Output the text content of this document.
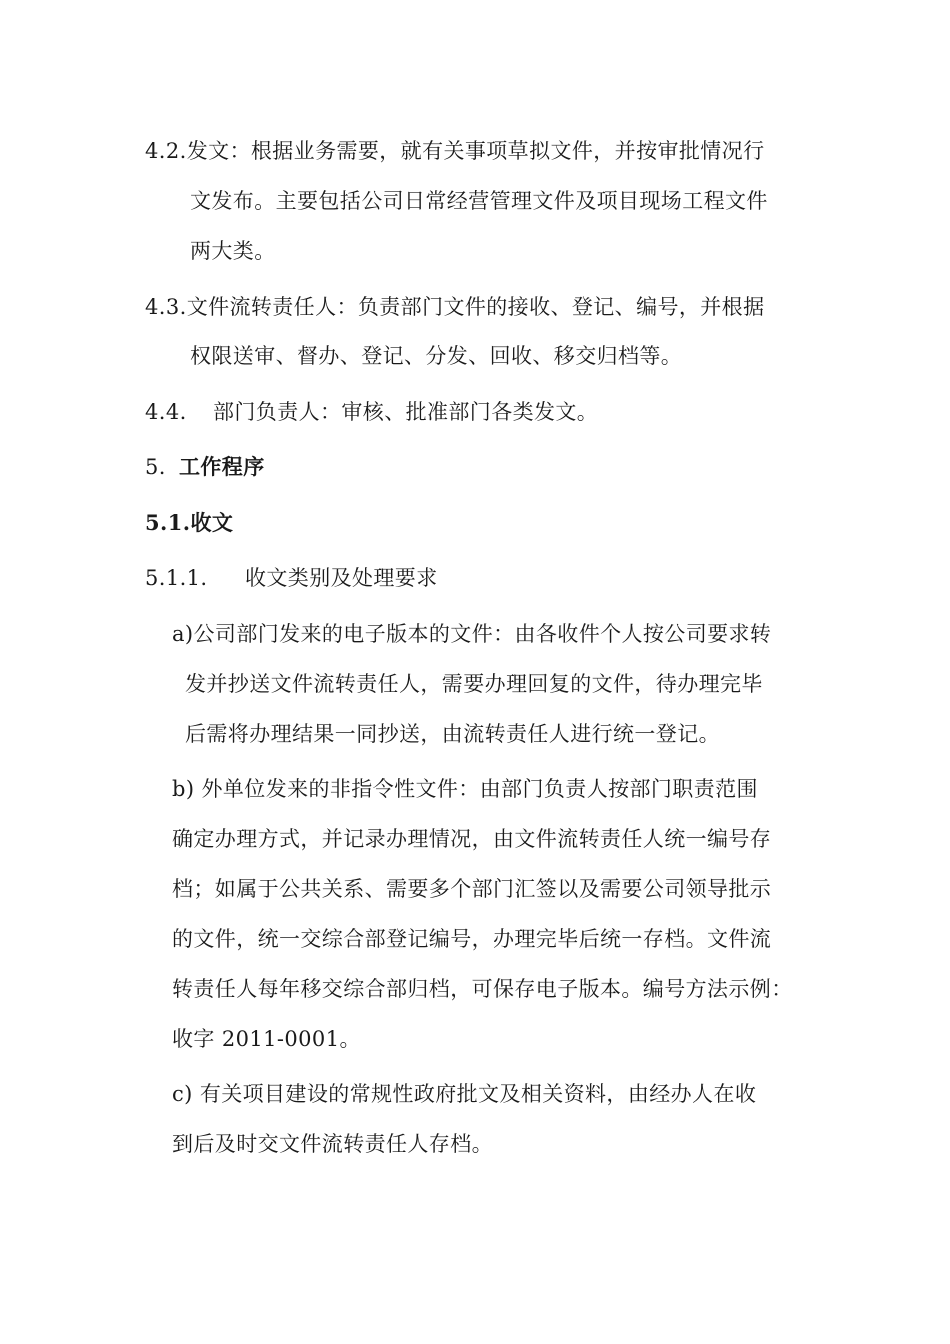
4.2.发文：根据业务需要，就有关事项草拟文件，并按审批情况行
文发布。主要包括公司日常经营管理文件及项目现场工程文件
两大类。
4.3.文件流转责任人：负责部门文件的接收、登记、编号，并根据
权限送审、督办、登记、分发、回收、移交归档等。
4.4. 部门负责人：审核、批准部门各类发文。
5. 工作程序
5.1.收文
5.1.1. 收文类别及处理要求
a)公司部门发来的电子版本的文件：由各收件个人按公司要求转
发并抄送文件流转责任人，需要办理回复的文件，待办理完毕
后需将办理结果一同抄送，由流转责任人进行统一登记。
b) 外单位发来的非指令性文件：由部门负责人按部门职责范围
确定办理方式，并记录办理情况，由文件流转责任人统一编号存
档；如属于公共关系、需要多个部门汇签以及需要公司领导批示
的文件，统一交综合部登记编号，办理完毕后统一存档。文件流
转责任人每年移交综合部归档，可保存电子版本。编号方法示例：
收字 2011-0001。
c) 有关项目建设的常规性政府批文及相关资料，由经办人在收
到后及时交文件流转责任人存档。
